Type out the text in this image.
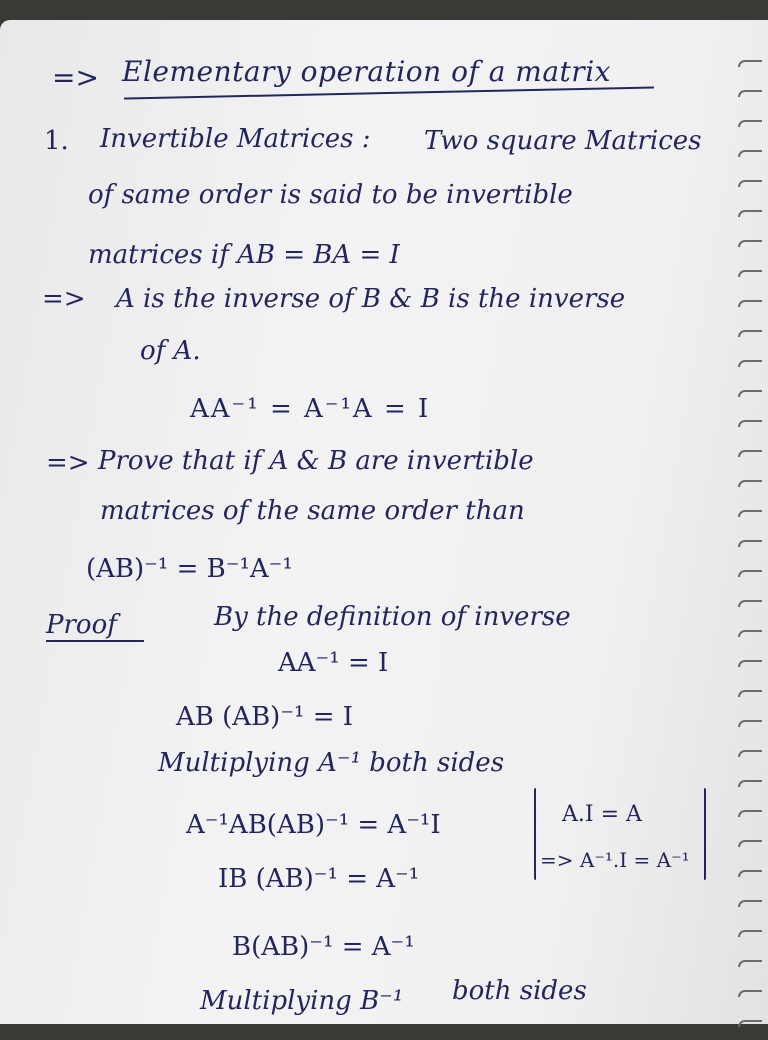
=> Elementary operation of a matrix
1. Invertible Matrices : Two square Matrices
of same order is said to be invertible
matrices if AB = BA = I
=> A is the inverse of B & B is the inverse
of A.
AA⁻¹ = A⁻¹A = I
=> Prove that if A & B are invertible
matrices of the same order than
(AB)⁻¹ = B⁻¹A⁻¹
Proof	By the definition of inverse
AA⁻¹ = I
AB (AB)⁻¹ = I
Multiplying A⁻¹ both sides
A⁻¹AB(AB)⁻¹ = A⁻¹I
IB (AB)⁻¹ = A⁻¹
B(AB)⁻¹ = A⁻¹
Multiplying B⁻¹ both sides
A.I = A
=> A⁻¹.I = A⁻¹
